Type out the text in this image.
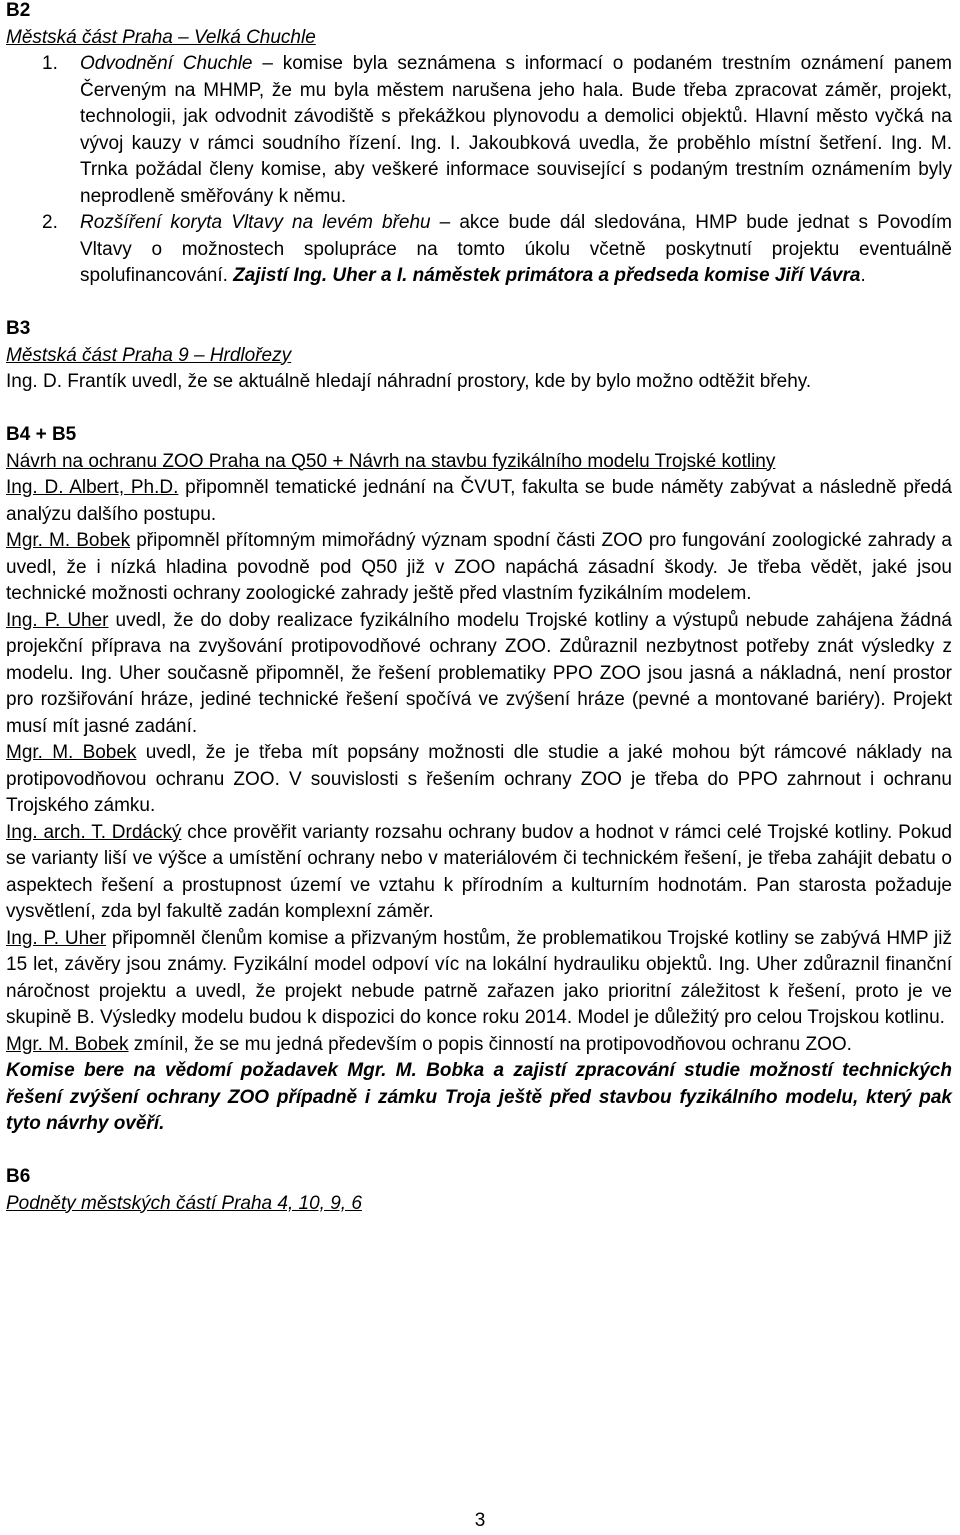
B2

Městská část Praha – Velká Chuchle

1. Odvodnění Chuchle – komise byla seznámena s informací o podaném trestním oznámení panem Červeným na MHMP, že mu byla městem narušena jeho hala. Bude třeba zpracovat záměr, projekt, technologii, jak odvodnit závodiště s překážkou plynovodu a demolici objektů. Hlavní město vyčká na vývoj kauzy v rámci soudního řízení. Ing. I. Jakoubková uvedla, že proběhlo místní šetření. Ing. M. Trnka požádal členy komise, aby veškeré informace související s podaným trestním oznámením byly neprodleně směřovány k němu.
2. Rozšíření koryta Vltavy na levém břehu – akce bude dál sledována, HMP bude jednat s Povodím Vltavy o možnostech spolupráce na tomto úkolu včetně poskytnutí projektu eventuálně spolufinancování. Zajistí Ing. Uher a I. náměstek primátora a předseda komise Jiří Vávra.

B3

Městská část Praha 9 – Hrdlořezy

Ing. D. Frantík uvedl, že se aktuálně hledají náhradní prostory, kde by bylo možno odtěžit břehy.

B4 + B5

Návrh na ochranu ZOO Praha na Q50 + Návrh na stavbu fyzikálního modelu Trojské kotliny

Ing. D. Albert, Ph.D. připomněl tematické jednání na ČVUT, fakulta se bude náměty zabývat a následně předá analýzu dalšího postupu.

Mgr. M. Bobek připomněl přítomným mimořádný význam spodní části ZOO pro fungování zoologické zahrady a uvedl, že i nízká hladina povodně pod Q50 již v ZOO napáchá zásadní škody. Je třeba vědět, jaké jsou technické možnosti ochrany zoologické zahrady ještě před vlastním fyzikálním modelem.

Ing. P. Uher uvedl, že do doby realizace fyzikálního modelu Trojské kotliny a výstupů nebude zahájena žádná projekční příprava na zvyšování protipovodňové ochrany ZOO. Zdůraznil nezbytnost potřeby znát výsledky z modelu. Ing. Uher současně připomněl, že řešení problematiky PPO ZOO jsou jasná a nákladná, není prostor pro rozšiřování hráze, jediné technické řešení spočívá ve zvýšení hráze (pevné a montované bariéry). Projekt musí mít jasné zadání.

Mgr. M. Bobek uvedl, že je třeba mít popsány možnosti dle studie a jaké mohou být rámcové náklady na protipovodňovou ochranu ZOO. V souvislosti s řešením ochrany ZOO je třeba do PPO zahrnout i ochranu Trojského zámku.

Ing. arch. T. Drdácký chce prověřit varianty rozsahu ochrany budov a hodnot v rámci celé Trojské kotliny. Pokud se varianty liší ve výšce a umístění ochrany nebo v materiálovém či technickém řešení, je třeba zahájit debatu o aspektech řešení a prostupnost území ve vztahu k přírodním a kulturním hodnotám. Pan starosta požaduje vysvětlení, zda byl fakultě zadán komplexní záměr.

Ing. P. Uher připomněl členům komise a přizvaným hostům, že problematikou Trojské kotliny se zabývá HMP již 15 let, závěry jsou známy. Fyzikální model odpoví víc na lokální hydrauliku objektů. Ing. Uher zdůraznil finanční náročnost projektu a uvedl, že projekt nebude patrně zařazen jako prioritní záležitost k řešení, proto je ve skupině B. Výsledky modelu budou k dispozici do konce roku 2014. Model je důležitý pro celou Trojskou kotlinu.

Mgr. M. Bobek zmínil, že se mu jedná především o popis činností na protipovodňovou ochranu ZOO.

Komise bere na vědomí požadavek Mgr. M. Bobka a zajistí zpracování studie možností technických řešení zvýšení ochrany ZOO případně i zámku Troja ještě před stavbou fyzikálního modelu, který pak tyto návrhy ověří.

B6

Podněty městských částí Praha 4, 10, 9, 6

3
